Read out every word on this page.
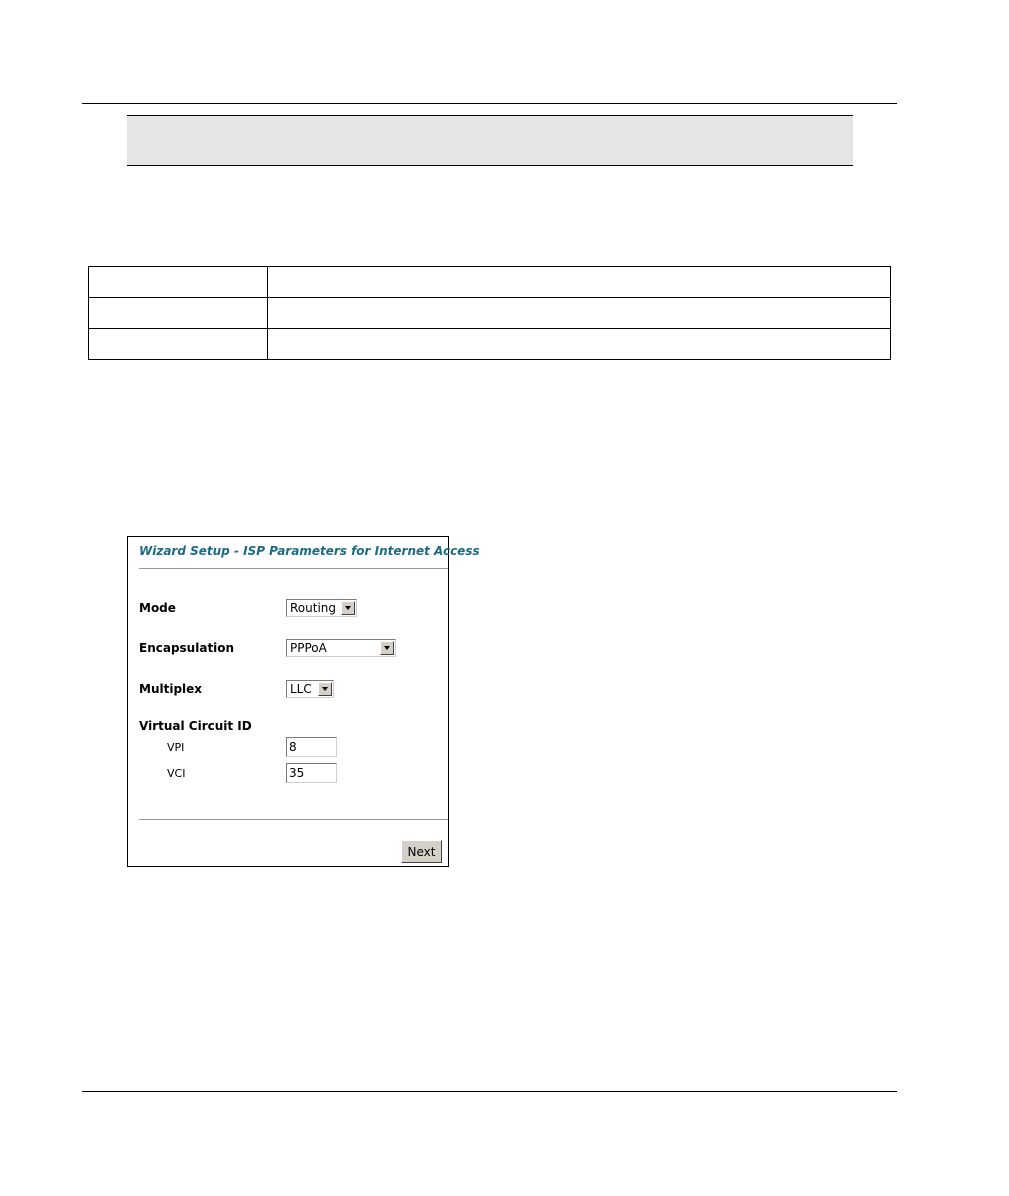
Wizard Setup - ISP Parameters for Internet Access
Mode	Routing
Encapsulation	PPPoA
Multiplex	LLC
Virtual Circuit ID
VPI
8
VCI
35
Next
